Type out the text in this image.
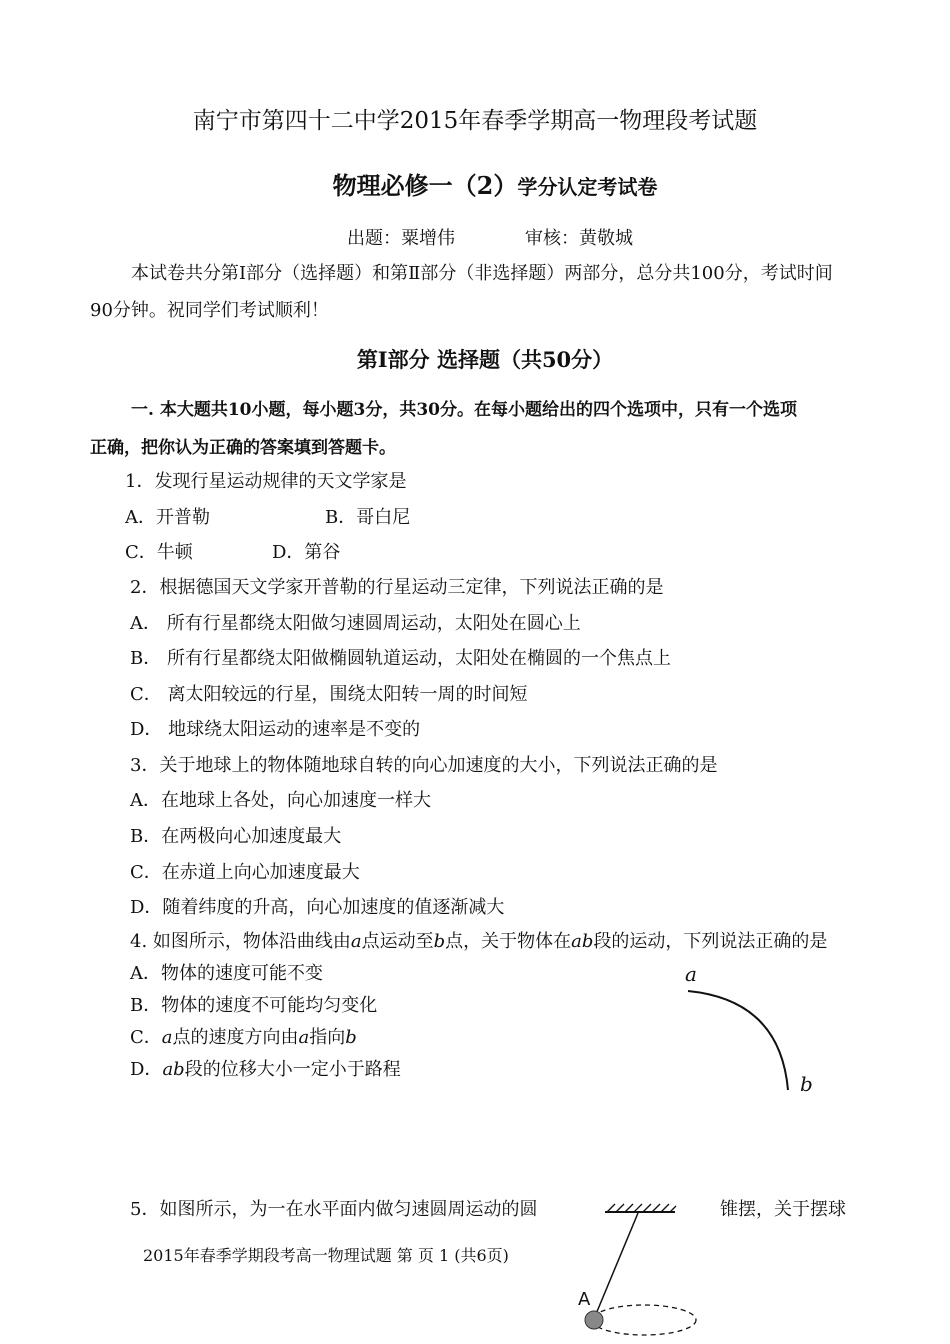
南宁市第四十二中学2015年春季学期高一物理段考试题
物理必修一（2）学分认定考试卷
出题：粟增伟	审核：黄敬城
本试卷共分第I部分（选择题）和第Ⅱ部分（非选择题）两部分，总分共100分，考试时间
90分钟。祝同学们考试顺利！
第I部分 选择题（共50分）
一. 本大题共10小题，每小题3分，共30分。在每小题给出的四个选项中，只有一个选项
正确，把你认为正确的答案填到答题卡。
1．发现行星运动规律的天文学家是
A．开普勒	B．哥白尼
C．牛顿	D．第谷
2．根据德国天文学家开普勒的行星运动三定律，下列说法正确的是
A． 所有行星都绕太阳做匀速圆周运动，太阳处在圆心上
B． 所有行星都绕太阳做椭圆轨道运动，太阳处在椭圆的一个焦点上
C． 离太阳较远的行星，围绕太阳转一周的时间短
D． 地球绕太阳运动的速率是不变的
3．关于地球上的物体随地球自转的向心加速度的大小，下列说法正确的是
A．在地球上各处，向心加速度一样大
B．在两极向心加速度最大
C．在赤道上向心加速度最大
D．随着纬度的升高，向心加速度的值逐渐减大
4. 如图所示，物体沿曲线由a点运动至b点，关于物体在ab段的运动，下列说法正确的是
A．物体的速度可能不变
B．物体的速度不可能均匀变化
C．a点的速度方向由a指向b
D．ab段的位移大小一定小于路程
a
b
5．如图所示，为一在水平面内做匀速圆周运动的圆	锥摆，关于摆球
A
2015年春季学期段考高一物理试题 第 页 1 (共6页)
